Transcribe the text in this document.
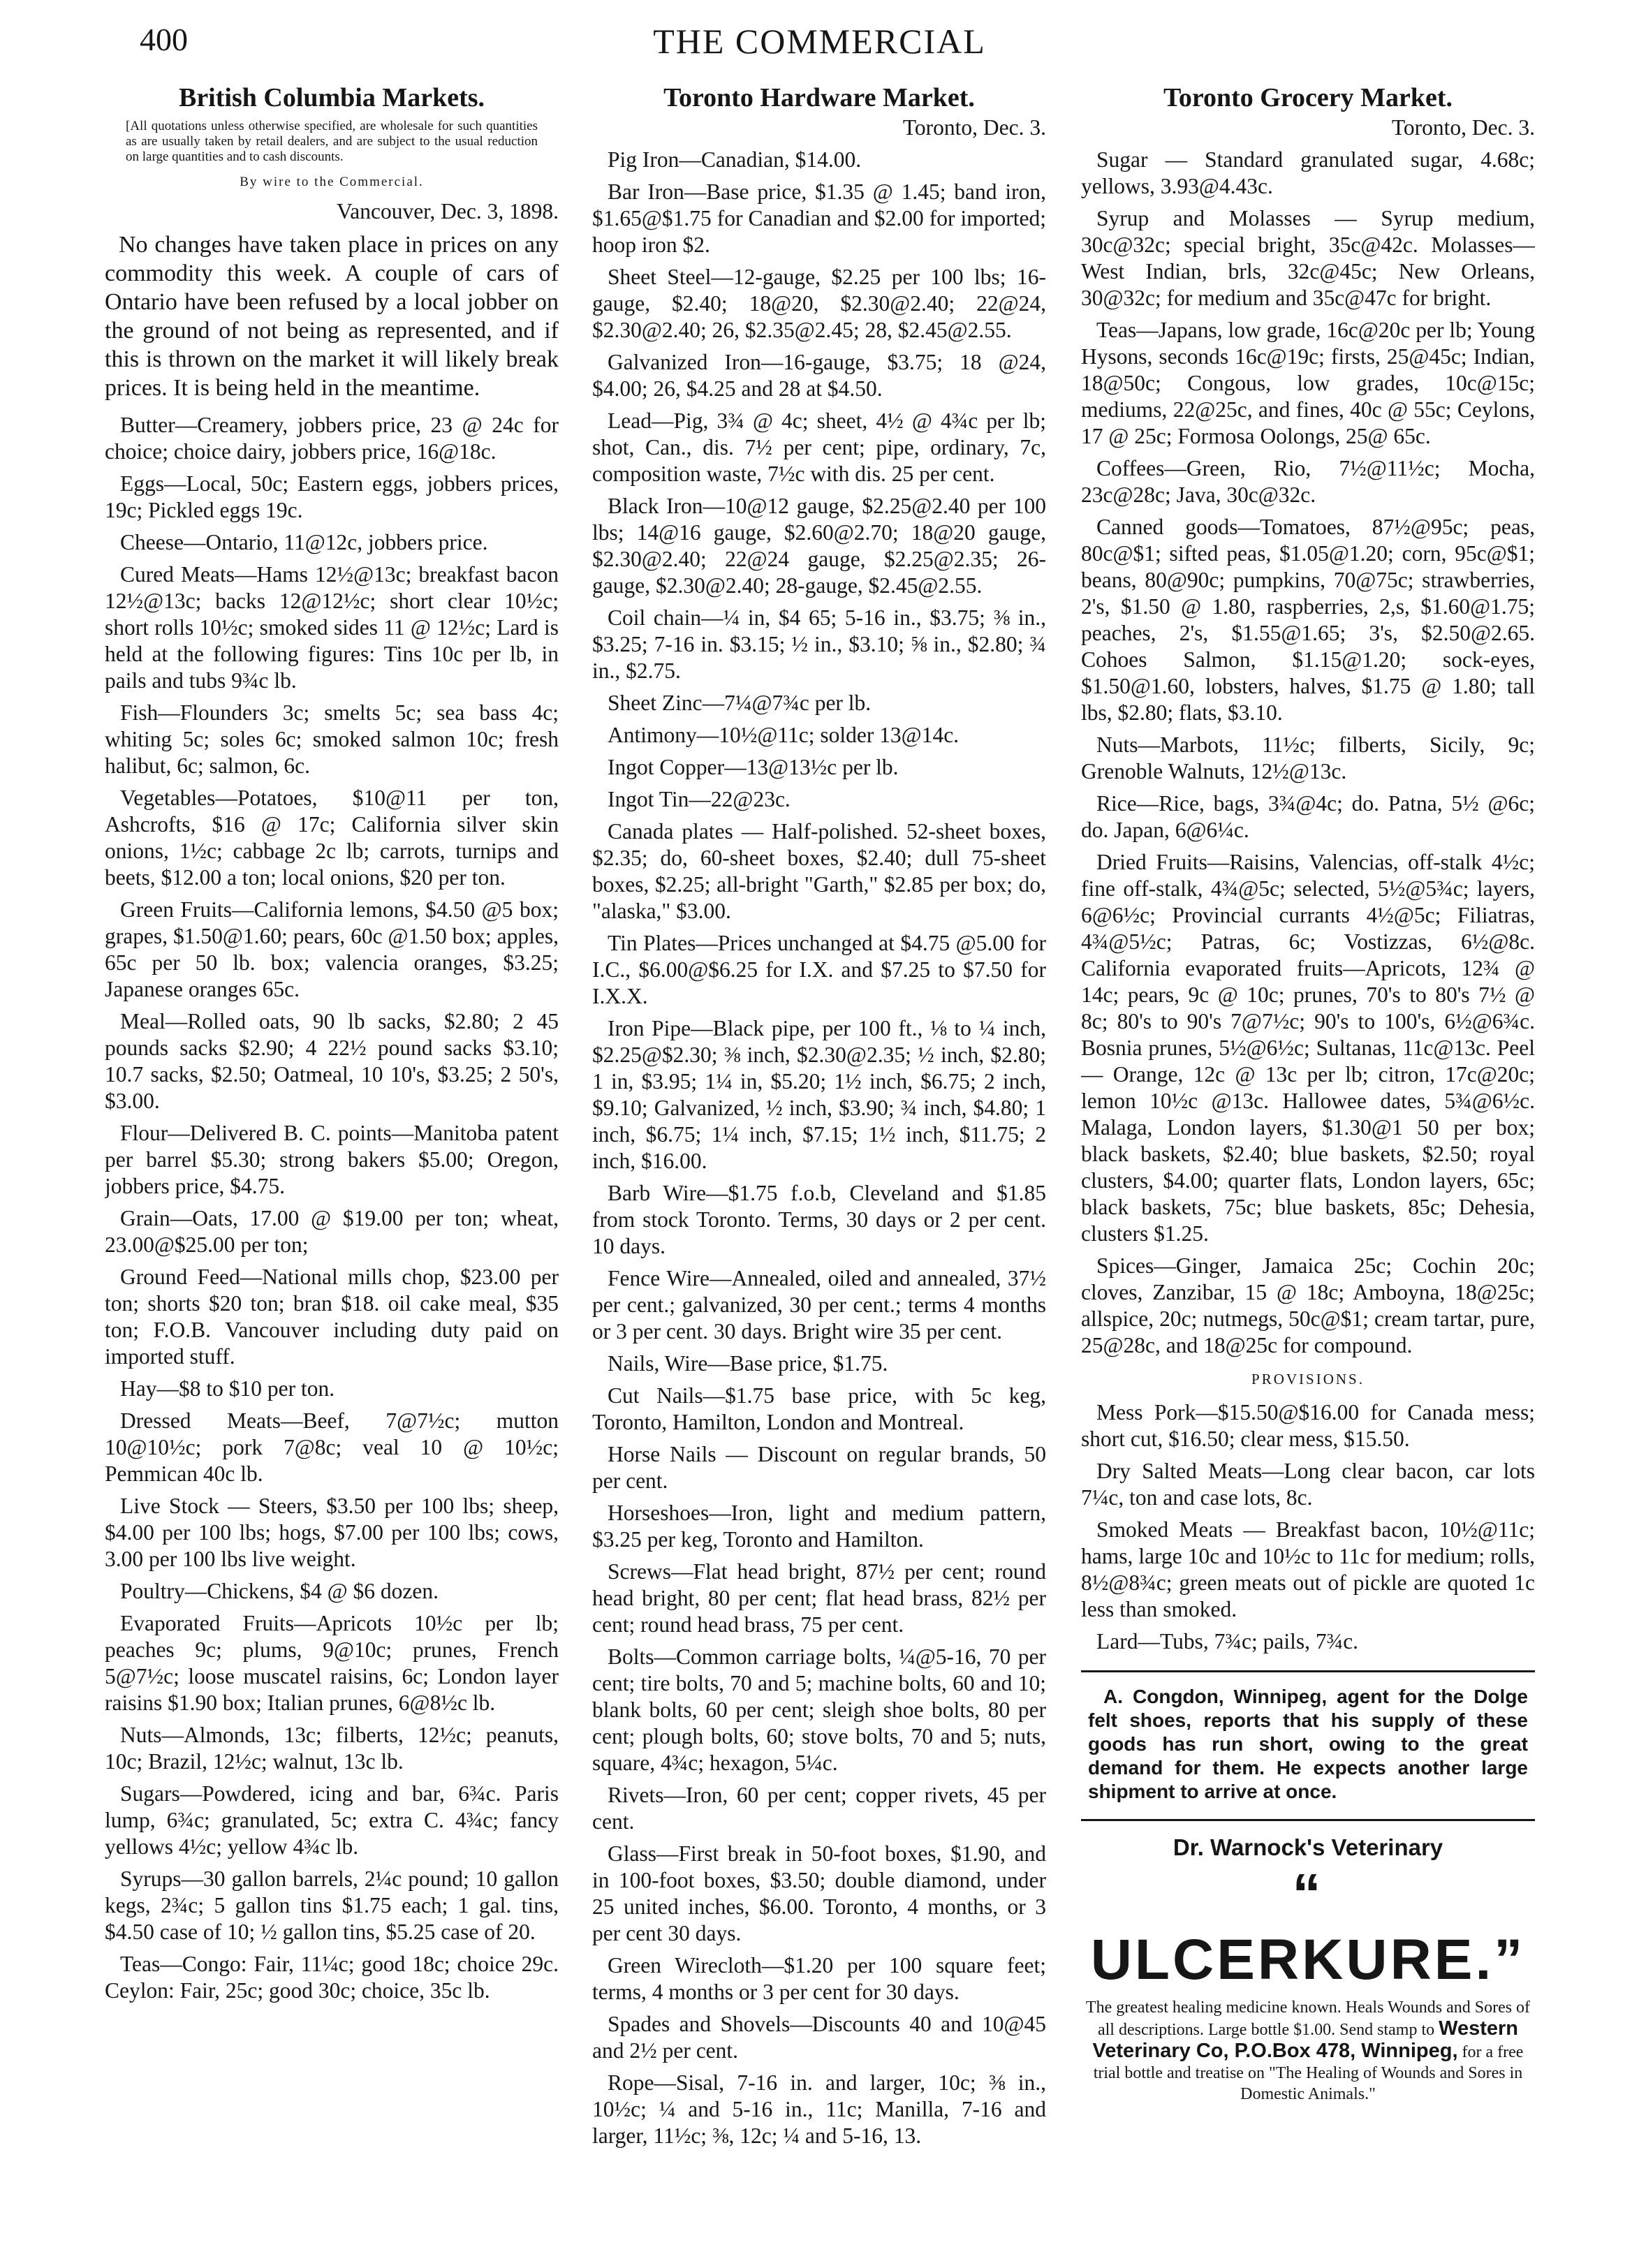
400	THE COMMERCIAL
British Columbia Markets.
[All quotations unless otherwise specified, are wholesale for such quantities as are usually taken by retail dealers, and are subject to the usual reduction on large quantities and to cash discounts.
By wire to the Commercial.
Vancouver, Dec. 3, 1898.

No changes have taken place in prices on any commodity this week. A couple of cars of Ontario have been refused by a local jobber on the ground of not being as represented, and if this is thrown on the market it will likely break prices. It is being held in the meantime.

Butter—Creamery, jobbers price, 23 @ 24c for choice; choice dairy, jobbers price, 16@18c.

Eggs—Local, 50c; Eastern eggs, jobbers prices, 19c; Pickled eggs 19c.

Cheese—Ontario, 11@12c, jobbers price.

Cured Meats—Hams 12½@13c; breakfast bacon 12½@13c; backs 12@12½c; short clear 10½c; short rolls 10½c; smoked sides 11 @ 12½c; Lard is held at the following figures: Tins 10c per lb, in pails and tubs 9¾c lb.

Fish—Flounders 3c; smelts 5c; sea bass 4c; whiting 5c; soles 6c; smoked salmon 10c; fresh halibut, 6c; salmon, 6c.

Vegetables—Potatoes, $10@11 per ton, Ashcrofts, $16 @ 17c; California silver skin onions, 1½c; cabbage 2c lb; carrots, turnips and beets, $12.00 a ton; local onions, $20 per ton.

Green Fruits—California lemons, $4.50 @5 box; grapes, $1.50@1.60; pears, 60c @1.50 box; apples, 65c per 50 lb. box; valencia oranges, $3.25; Japanese oranges 65c.

Meal—Rolled oats, 90 lb sacks, $2.80; 2 45 pounds sacks $2.90; 4 22½ pound sacks $3.10; 10.7 sacks, $2.50; Oatmeal, 10 10's, $3.25; 2 50's, $3.00.

Flour—Delivered B. C. points—Manitoba patent per barrel $5.30; strong bakers $5.00; Oregon, jobbers price, $4.75.

Grain—Oats, 17.00 @ $19.00 per ton; wheat, 23.00@$25.00 per ton;

Ground Feed—National mills chop, $23.00 per ton; shorts $20 ton; bran $18. oil cake meal, $35 ton; F.O.B. Vancouver including duty paid on imported stuff.

Hay—$8 to $10 per ton.

Dressed Meats—Beef, 7@7½c; mutton 10@10½c; pork 7@8c; veal 10 @ 10½c; Pemmican 40c lb.

Live Stock — Steers, $3.50 per 100 lbs; sheep, $4.00 per 100 lbs; hogs, $7.00 per 100 lbs; cows, 3.00 per 100 lbs live weight.

Poultry—Chickens, $4 @ $6 dozen.

Evaporated Fruits—Apricots 10½c per lb; peaches 9c; plums, 9@10c; prunes, French 5@7½c; loose muscatel raisins, 6c; London layer raisins $1.90 box; Italian prunes, 6@8½c lb.

Nuts—Almonds, 13c; filberts, 12½c; peanuts, 10c; Brazil, 12½c; walnut, 13c lb.

Sugars—Powdered, icing and bar, 6¾c. Paris lump, 6¾c; granulated, 5c; extra C. 4¾c; fancy yellows 4½c; yellow 4¾c lb.

Syrups—30 gallon barrels, 2¼c pound; 10 gallon kegs, 2¾c; 5 gallon tins $1.75 each; 1 gal. tins, $4.50 case of 10; ½ gallon tins, $5.25 case of 20.

Teas—Congo: Fair, 11¼c; good 18c; choice 29c. Ceylon: Fair, 25c; good 30c; choice, 35c lb.

Toronto Hardware Market.
Toronto, Dec. 3.

Pig Iron—Canadian, $14.00.

Bar Iron—Base price, $1.35 @ 1.45; band iron, $1.65@$1.75 for Canadian and $2.00 for imported; hoop iron $2.

Sheet Steel—12-gauge, $2.25 per 100 lbs; 16-gauge, $2.40; 18@20, $2.30@2.40; 22@24, $2.30@2.40; 26, $2.35@2.45; 28, $2.45@2.55.

Galvanized Iron—16-gauge, $3.75; 18 @24, $4.00; 26, $4.25 and 28 at $4.50.

Lead—Pig, 3¾ @ 4c; sheet, 4½ @ 4¾c per lb; shot, Can., dis. 7½ per cent; pipe, ordinary, 7c, composition waste, 7½c with dis. 25 per cent.

Black Iron—10@12 gauge, $2.25@2.40 per 100 lbs; 14@16 gauge, $2.60@2.70; 18@20 gauge, $2.30@2.40; 22@24 gauge, $2.25@2.35; 26-gauge, $2.30@2.40; 28-gauge, $2.45@2.55.

Coil chain—¼ in, $4 65; 5-16 in., $3.75; ⅜ in., $3.25; 7-16 in. $3.15; ½ in., $3.10; ⅝ in., $2.80; ¾ in., $2.75.

Sheet Zinc—7¼@7¾c per lb.

Antimony—10½@11c; solder 13@14c.

Ingot Copper—13@13½c per lb.

Ingot Tin—22@23c.

Canada plates — Half-polished. 52-sheet boxes, $2.35; do, 60-sheet boxes, $2.40; dull 75-sheet boxes, $2.25; all-bright "Garth," $2.85 per box; do, "alaska," $3.00.

Tin Plates—Prices unchanged at $4.75 @5.00 for I.C., $6.00@$6.25 for I.X. and $7.25 to $7.50 for I.X.X.

Iron Pipe—Black pipe, per 100 ft., ⅛ to ¼ inch, $2.25@$2.30; ⅜ inch, $2.30@2.35; ½ inch, $2.80; 1 in, $3.95; 1¼ in, $5.20; 1½ inch, $6.75; 2 inch, $9.10; Galvanized, ½ inch, $3.90; ¾ inch, $4.80; 1 inch, $6.75; 1¼ inch, $7.15; 1½ inch, $11.75; 2 inch, $16.00.

Barb Wire—$1.75 f.o.b, Cleveland and $1.85 from stock Toronto. Terms, 30 days or 2 per cent. 10 days.

Fence Wire—Annealed, oiled and annealed, 37½ per cent.; galvanized, 30 per cent.; terms 4 months or 3 per cent. 30 days. Bright wire 35 per cent.

Nails, Wire—Base price, $1.75.

Cut Nails—$1.75 base price, with 5c keg, Toronto, Hamilton, London and Montreal.

Horse Nails — Discount on regular brands, 50 per cent.

Horseshoes—Iron, light and medium pattern, $3.25 per keg, Toronto and Hamilton.

Screws—Flat head bright, 87½ per cent; round head bright, 80 per cent; flat head brass, 82½ per cent; round head brass, 75 per cent.

Bolts—Common carriage bolts, ¼@5-16, 70 per cent; tire bolts, 70 and 5; machine bolts, 60 and 10; blank bolts, 60 per cent; sleigh shoe bolts, 80 per cent; plough bolts, 60; stove bolts, 70 and 5; nuts, square, 4¾c; hexagon, 5¼c.

Rivets—Iron, 60 per cent; copper rivets, 45 per cent.

Glass—First break in 50-foot boxes, $1.90, and in 100-foot boxes, $3.50; double diamond, under 25 united inches, $6.00. Toronto, 4 months, or 3 per cent 30 days.

Green Wirecloth—$1.20 per 100 square feet; terms, 4 months or 3 per cent for 30 days.

Spades and Shovels—Discounts 40 and 10@45 and 2½ per cent.

Rope—Sisal, 7-16 in. and larger, 10c; ⅜ in., 10½c; ¼ and 5-16 in., 11c; Manilla, 7-16 and larger, 11½c; ⅜, 12c; ¼ and 5-16, 13.

Toronto Grocery Market.
Toronto, Dec. 3.

Sugar — Standard granulated sugar, 4.68c; yellows, 3.93@4.43c.

Syrup and Molasses — Syrup medium, 30c@32c; special bright, 35c@42c. Molasses—West Indian, brls, 32c@45c; New Orleans, 30@32c; for medium and 35c@47c for bright.

Teas—Japans, low grade, 16c@20c per lb; Young Hysons, seconds 16c@19c; firsts, 25@45c; Indian, 18@50c; Congous, low grades, 10c@15c; mediums, 22@25c, and fines, 40c @ 55c; Ceylons, 17 @ 25c; Formosa Oolongs, 25@ 65c.

Coffees—Green, Rio, 7½@11½c; Mocha, 23c@28c; Java, 30c@32c.

Canned goods—Tomatoes, 87½@95c; peas, 80c@$1; sifted peas, $1.05@1.20; corn, 95c@$1; beans, 80@90c; pumpkins, 70@75c; strawberries, 2's, $1.50 @ 1.80, raspberries, 2,s, $1.60@1.75; peaches, 2's, $1.55@1.65; 3's, $2.50@2.65. Cohoes Salmon, $1.15@1.20; sock-eyes, $1.50@1.60, lobsters, halves, $1.75 @ 1.80; tall lbs, $2.80; flats, $3.10.

Nuts—Marbots, 11½c; filberts, Sicily, 9c; Grenoble Walnuts, 12½@13c.

Rice—Rice, bags, 3¾@4c; do. Patna, 5½ @6c; do. Japan, 6@6¼c.

Dried Fruits—Raisins, Valencias, off-stalk 4½c; fine off-stalk, 4¾@5c; selected, 5½@5¾c; layers, 6@6½c; Provincial currants 4½@5c; Filiatras, 4¾@5½c; Patras, 6c; Vostizzas, 6½@8c. California evaporated fruits—Apricots, 12¾ @ 14c; pears, 9c @ 10c; prunes, 70's to 80's 7½ @ 8c; 80's to 90's 7@7½c; 90's to 100's, 6½@6¾c. Bosnia prunes, 5½@6½c; Sultanas, 11c@13c. Peel — Orange, 12c @ 13c per lb; citron, 17c@20c; lemon 10½c @13c. Hallowee dates, 5¾@6½c. Malaga, London layers, $1.30@1 50 per box; black baskets, $2.40; blue baskets, $2.50; royal clusters, $4.00; quarter flats, London layers, 65c; black baskets, 75c; blue baskets, 85c; Dehesia, clusters $1.25.

Spices—Ginger, Jamaica 25c; Cochin 20c; cloves, Zanzibar, 15 @ 18c; Amboyna, 18@25c; allspice, 20c; nutmegs, 50c@$1; cream tartar, pure, 25@28c, and 18@25c for compound.

PROVISIONS.

Mess Pork—$15.50@$16.00 for Canada mess; short cut, $16.50; clear mess, $15.50.

Dry Salted Meats—Long clear bacon, car lots 7¼c, ton and case lots, 8c.

Smoked Meats — Breakfast bacon, 10½@11c; hams, large 10c and 10½c to 11c for medium; rolls, 8½@8¾c; green meats out of pickle are quoted 1c less than smoked.

Lard—Tubs, 7¾c; pails, 7¾c.

A. Congdon, Winnipeg, agent for the Dolge felt shoes, reports that his supply of these goods has run short, owing to the great demand for them. He expects another large shipment to arrive at once.

Dr. Warnock's Veterinary
“ ULCERKURE.”
The greatest healing medicine known. Heals Wounds and Sores of all descriptions. Large bottle $1.00. Send stamp to Western Veterinary Co, P.O.Box 478, Winnipeg, for a free trial bottle and treatise on "The Healing of Wounds and Sores in Domestic Animals."
